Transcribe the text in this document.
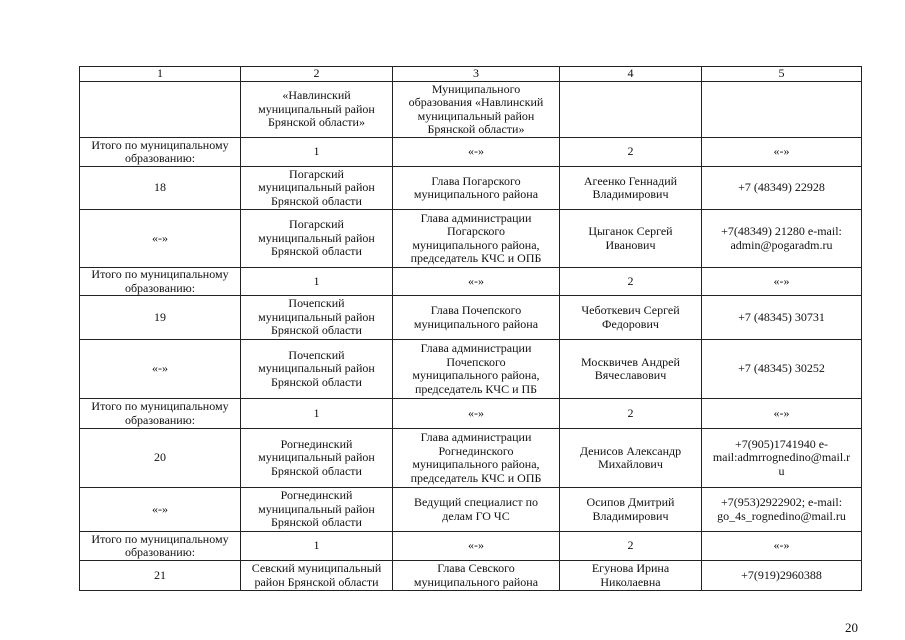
1	2	3	4	5

	«Навлинский
муниципальный район
Брянской области»	Муниципального
образования «Навлинский
муниципальный район
Брянской области»		

Итого по муниципальному
образованию:	1	«-»	2	«-»

18	Погарский
муниципальный район
Брянской области	Глава Погарского
муниципального района	Агеенко Геннадий
Владимирович	+7 (48349) 22928

«-»	Погарский
муниципальный район
Брянской области	Глава администрации
Погарского
муниципального района,
председатель КЧС и ОПБ	Цыганок Сергей
Иванович	+7(48349) 21280 e-mail:
admin@pogaradm.ru

Итого по муниципальному
образованию:	1	«-»	2	«-»

19	Почепский
муниципальный район
Брянской области	Глава Почепского
муниципального района	Чеботкевич Сергей
Федорович	+7 (48345) 30731

«-»	Почепский
муниципальный район
Брянской области	Глава администрации
Почепского
муниципального района,
председатель КЧС и ПБ	Москвичев Андрей
Вячеславович	+7 (48345) 30252

Итого по муниципальному
образованию:	1	«-»	2	«-»

20	Рогнединский
муниципальный район
Брянской области	Глава администрации
Рогнединского
муниципального района,
председатель КЧС и ОПБ	Денисов Александр
Михайлович	+7(905)1741940 e-
mail:admrrognedino@mail.r
u

«-»	Рогнединский
муниципальный район
Брянской области	Ведущий специалист по
делам ГО ЧС	Осипов Дмитрий
Владимирович	+7(953)2922902; e-mail:
go_4s_rognedino@mail.ru

Итого по муниципальному
образованию:	1	«-»	2	«-»

21	Севский муниципальный
район Брянской области	Глава Севского
муниципального района	Егунова Ирина
Николаевна	+7(919)2960388
20
